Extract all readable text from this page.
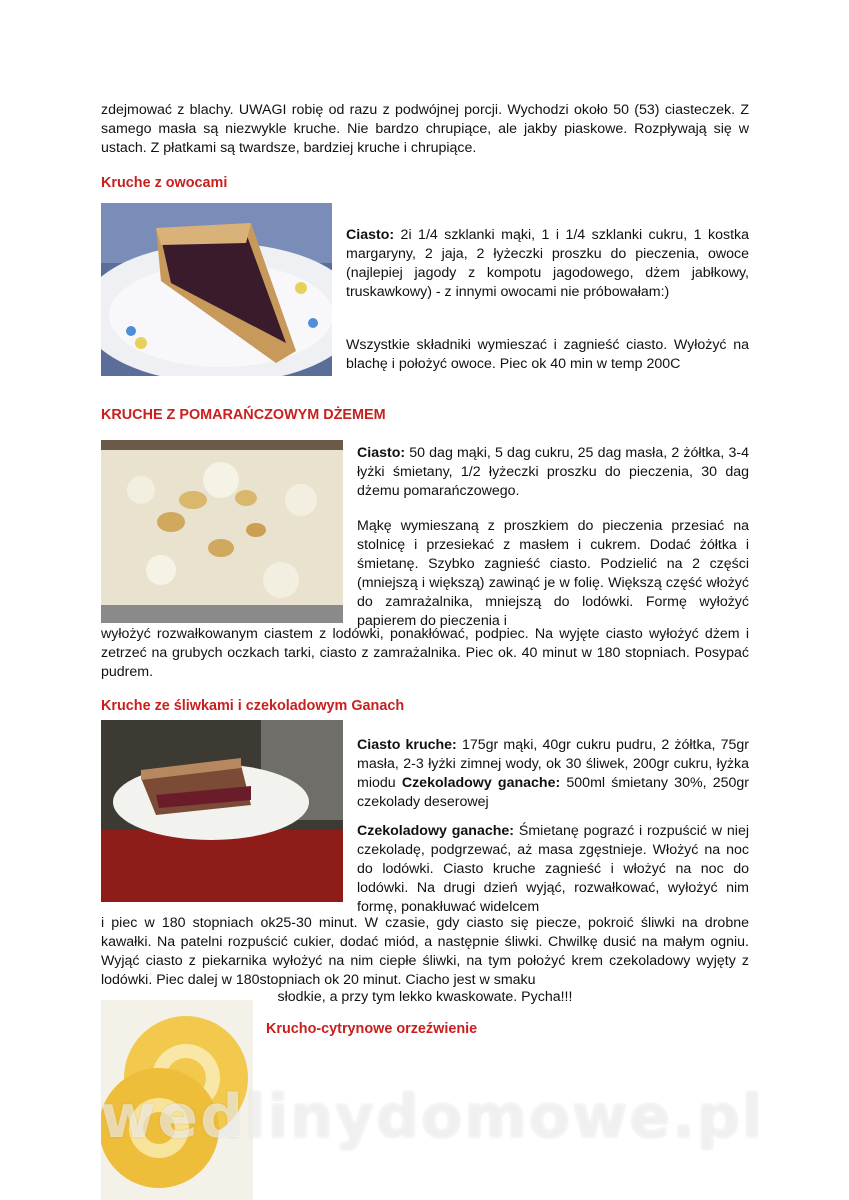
zdejmować z blachy. UWAGI robię od razu z podwójnej porcji. Wychodzi około 50 (53) ciasteczek. Z samego masła są niezwykle kruche. Nie bardzo chrupiące, ale jakby piaskowe. Rozpływają się w ustach. Z płatkami są twardsze, bardziej kruche i chrupiące.

Kruche z owocami

Ciasto: 2i 1/4 szklanki mąki, 1 i 1/4 szklanki cukru, 1 kostka margaryny, 2 jaja, 2 łyżeczki proszku do pieczenia, owoce (najlepiej jagody z kompotu jagodowego, dżem jabłkowy, truskawkowy) - z innymi owocami nie próbowałam:)

Wszystkie składniki wymieszać i zagnieść ciasto. Wyłożyć na blachę i położyć owoce. Piec ok 40 min w temp 200C

KRUCHE Z POMARAŃCZOWYM DŻEMEM

Ciasto: 50 dag mąki, 5 dag cukru, 25 dag masła, 2 żółtka, 3-4 łyżki śmietany, 1/2 łyżeczki proszku do pieczenia, 30 dag dżemu pomarańczowego.

Mąkę wymieszaną z proszkiem do pieczenia przesiać na stolnicę i przesiekać z masłem i cukrem. Dodać żółtka i śmietanę. Szybko zagnieść ciasto. Podzielić na 2 części (mniejszą i większą) zawinąć je w folię. Większą część włożyć do zamrażalnika, mniejszą do lodówki. Formę wyłożyć papierem do pieczenia i

wyłożyć rozwałkowanym ciastem z lodówki, ponakłówać, podpiec. Na wyjęte ciasto wyłożyć dżem i zetrzeć na grubych oczkach tarki, ciasto z zamrażalnika. Piec ok. 40 minut w 180 stopniach. Posypać pudrem.

Kruche ze śliwkami i czekoladowym Ganach

Ciasto kruche: 175gr mąki, 40gr cukru pudru, 2 żółtka, 75gr masła, 2-3 łyżki zimnej wody, ok 30 śliwek, 200gr cukru, łyżka miodu Czekoladowy ganache: 500ml śmietany 30%, 250gr czekolady deserowej

Czekoladowy ganache: Śmietanę pograzć i rozpuścić w niej czekoladę, podgrzewać, aż masa zgęstnieje. Włożyć na noc do lodówki. Ciasto kruche zagnieść i włożyć na noc do lodówki. Na drugi dzień wyjąć, rozwałkować, wyłożyć nim formę, ponakłuwać widelcem

i piec w 180 stopniach ok25-30 minut. W czasie, gdy ciasto się piecze, pokroić śliwki na drobne kawałki. Na patelni rozpuścić cukier, dodać miód, a następnie śliwki. Chwilkę dusić na małym ogniu. Wyjąć ciasto z piekarnika wyłożyć na nim ciepłe śliwki, na tym położyć krem czekoladowy wyjęty z lodówki. Piec dalej w 180stopniach ok 20 minut. Ciacho jest w smaku

słodkie, a przy tym lekko kwaskowate. Pycha!!!

Krucho-cytrynowe orzeźwienie
wedlinydomowe.pl
